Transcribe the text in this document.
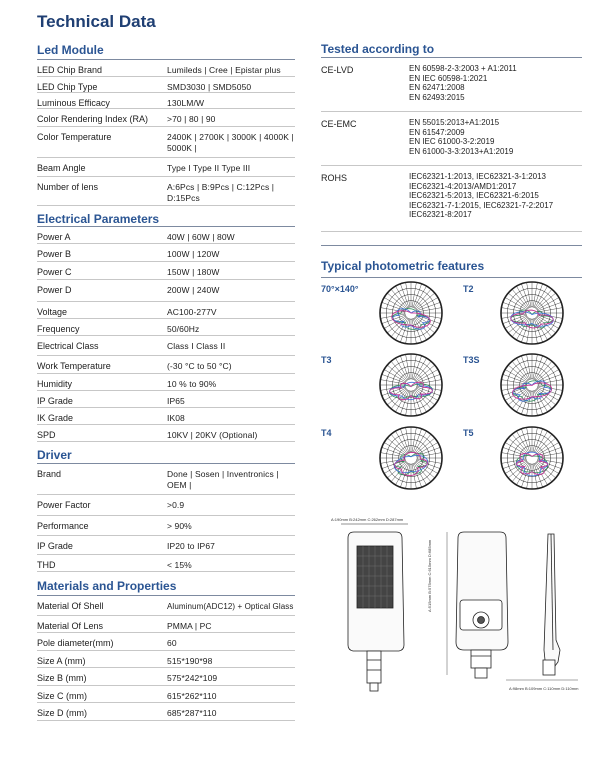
Technical Data
Led Module
LED Chip Brand	Lumileds | Cree | Epistar plus
LED Chip Type	SMD3030 | SMD5050
Luminous Efficacy	130LM/W
Color Rendering Index (RA)	>70 | 80 | 90
Color Temperature	2400K | 2700K | 3000K | 4000K | 5000K |
Beam Angle	Type I Type II Type III
Number of lens	A:6Pcs | B:9Pcs | C:12Pcs | D:15Pcs
Electrical Parameters
Power A	40W | 60W | 80W
Power B	100W | 120W
Power C	150W | 180W
Power D	200W | 240W
Voltage	AC100-277V
Frequency	50/60Hz
Electrical Class	Class I Class II
Work Temperature	(-30 °C to 50 °C)
Humidity	10 % to 90%
IP Grade	IP65
IK Grade	IK08
SPD	10KV | 20KV (Optional)
Driver
Brand	Done | Sosen | Inventronics | OEM |
Power Factor	>0.9
Performance	> 90%
IP Grade	IP20 to IP67
THD	< 15%
Materials and Properties
Material Of Shell	Aluminum(ADC12) + Optical Glass
Material Of Lens	PMMA | PC
Pole diameter(mm)	60
Size A (mm)	515*190*98
Size B (mm)	575*242*109
Size C (mm)	615*262*110
Size D (mm)	685*287*110
Tested according to
CE-LVD	EN 60598-2-3:2003 + A1:2011
EN IEC 60598-1:2021
EN 62471:2008
EN 62493:2015
CE-EMC	EN 55015:2013+A1:2015
EN 61547:2009
EN IEC 61000-3-2:2019
EN 61000-3-3:2013+A1:2019
ROHS	IEC62321-1:2013, IEC62321-3-1:2013
IEC62321-4:2013/AMD1:2017
IEC62321-5:2013, IEC62321-6:2015
IEC62321-7-1:2015, IEC62321-7-2:2017
IEC62321-8:2017
Typical photometric features
70°×140°	T2
T3	T3S
T4	T5
A:190mm B:242mm C:262mm D:287mm
A:515mm B:575mm C:615mm D:685mm
A:98mm B:109mm C:110mm D:110mm
